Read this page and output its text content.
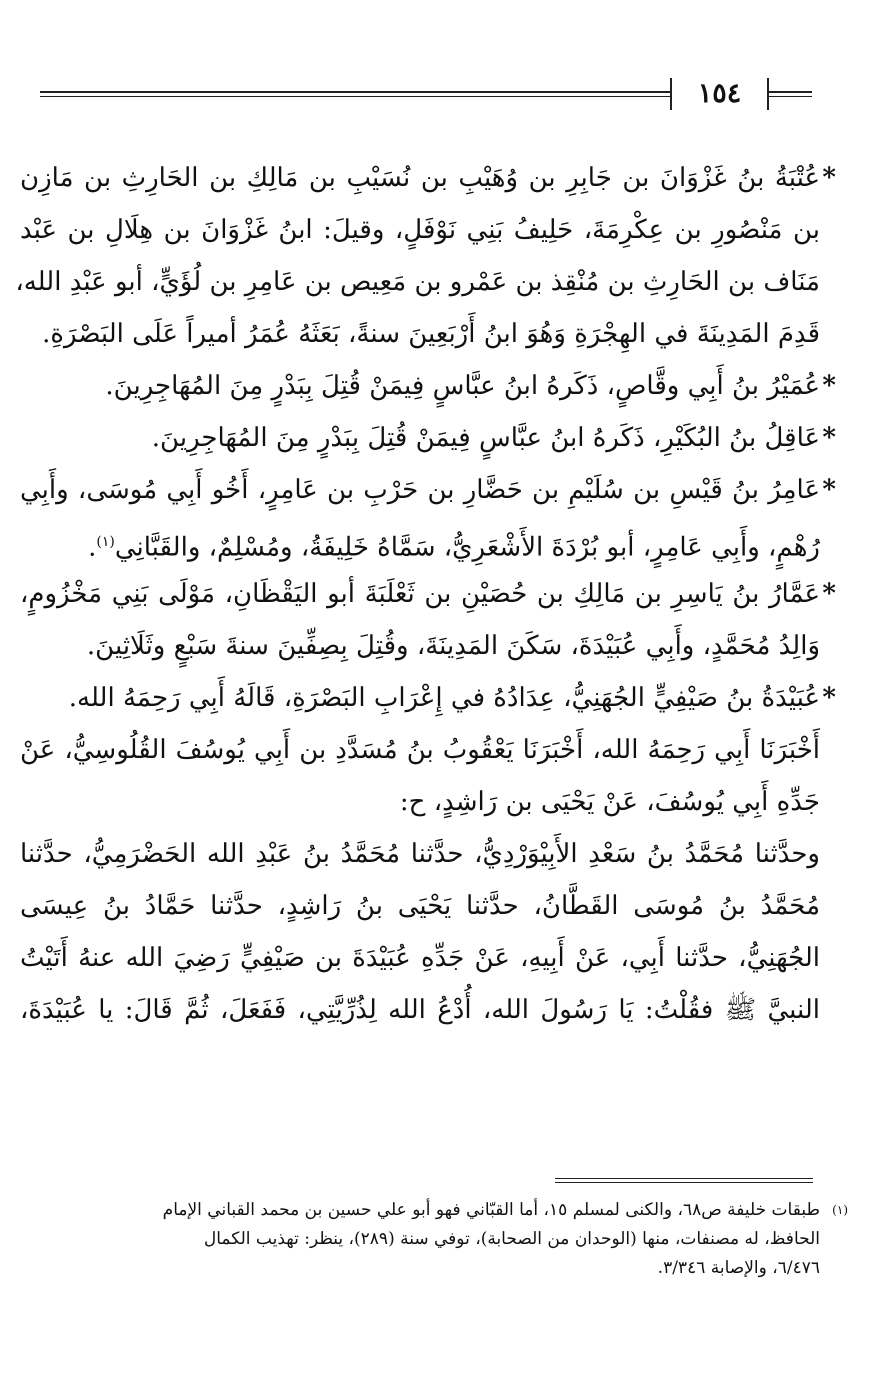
١٥٤
*
عُتْبَةُ بنُ غَزْوَانَ بن جَابِرِ بن وُهَيْبِ بن نُسَيْبِ بن مَالِكِ بن الحَارِثِ بن مَازِن
بن مَنْصُورِ بن عِكْرِمَةَ، حَلِيفُ بَنِي نَوْفَلٍ، وقيلَ: ابنُ غَزْوَانَ بن هِلَالِ بن عَبْد
مَنَاف بن الحَارِثِ بن مُنْقِذ بن عَمْرو بن مَعِيص بن عَامِرِ بن لُؤَيٍّ، أبو عَبْدِ الله،
قَدِمَ المَدِينَةَ في الهِجْرَةِ وَهُوَ ابنُ أَرْبَعِينَ سنةً، بَعَثَهُ عُمَرُ أميراً عَلَى البَصْرَةِ.
*
عُمَيْرُ بنُ أَبِي وقَّاصٍ، ذَكَرهُ ابنُ عبَّاسٍ فِيمَنْ قُتِلَ بِبَدْرٍ مِنَ المُهَاجِرِينَ.
*
عَاقِلُ بنُ البُكَيْرِ، ذَكَرهُ ابنُ عبَّاسٍ فِيمَنْ قُتِلَ بِبَدْرٍ مِنَ المُهَاجِرِينَ.
*
عَامِرُ بنُ قَيْسِ بن سُلَيْمِ بن حَضَّارِ بن حَرْبِ بن عَامِرٍ، أَخُو أَبِي مُوسَى، وأَبِي
رُهْمٍ، وأَبِي عَامِرٍ، أبو بُرْدَةَ الأَشْعَرِيُّ، سَمَّاهُ خَلِيفَةُ، ومُسْلِمٌ، والقَبَّانِي$^{(١)}$.
*
عَمَّارُ بنُ يَاسِرِ بن مَالِكِ بن حُصَيْنِ بن ثَعْلَبَةَ أبو اليَقْظَانِ، مَوْلَى بَنِي مَخْزُومٍ،
وَالِدُ مُحَمَّدٍ، وأَبِي عُبَيْدَةَ، سَكَنَ المَدِينَةَ، وقُتِلَ بِصِفِّينَ سنةَ سَبْعٍ وثَلَاثِينَ.
*
عُبَيْدَةُ بنُ صَيْفِيٍّ الجُهَنِيُّ، عِدَادُهُ في إِعْرَابِ البَصْرَةِ، قَالَهُ أَبِي رَحِمَهُ الله.
أَخْبَرَنَا أَبِي رَحِمَهُ الله، أَخْبَرَنَا يَعْقُوبُ بنُ مُسَدَّدِ بن أَبِي يُوسُفَ القُلُوسِيُّ، عَنْ
جَدِّهِ أَبِي يُوسُفَ، عَنْ يَحْيَى بن رَاشِدٍ، ح:
وحدَّثنا مُحَمَّدُ بنُ سَعْدِ الأَبِيْوَرْدِيُّ، حدَّثنا مُحَمَّدُ بنُ عَبْدِ الله الحَضْرَمِيُّ، حدَّثنا
مُحَمَّدُ بنُ مُوسَى القَطَّانُ، حدَّثنا يَحْيَى بنُ رَاشِدٍ، حدَّثنا حَمَّادُ بنُ عِيسَى
الجُهَنِيُّ، حدَّثنا أَبِي، عَنْ أَبِيهِ، عَنْ جَدِّهِ عُبَيْدَةَ بن صَيْفِيٍّ رَضِيَ الله عنهُ أَتَيْتُ
النبيَّ ﷺ فقُلْتُ: يَا رَسُولَ الله، أُدْعُ الله لِذُرِّيَّتِي، فَفَعَلَ، ثُمَّ قَالَ: يا عُبَيْدَةَ،
(١)
طبقات خليفة ص٦٨، والكنى لمسلم ١٥، أما القبّاني فهو أبو علي حسين بن محمد القباني الإمام
الحافظ، له مصنفات، منها (الوحدان من الصحابة)، توفي سنة (٢٨٩)، ينظر: تهذيب الكمال
٦/٤٧٦، والإصابة ٣/٣٤٦.
